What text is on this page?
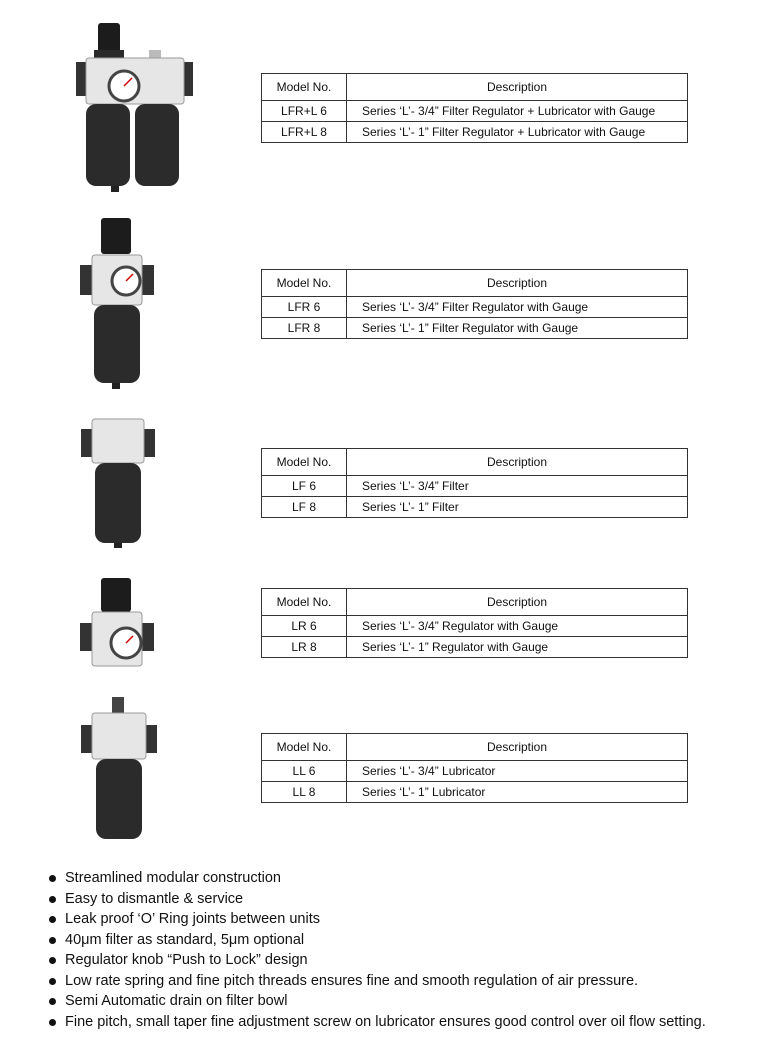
Model No.	Description
LFR+L 6	Series ‘L’- 3/4” Filter Regulator + Lubricator with Gauge
LFR+L 8	Series ‘L’- 1” Filter Regulator + Lubricator with Gauge
Model No.	Description
LFR 6	Series ‘L’- 3/4” Filter Regulator with Gauge
LFR 8	Series ‘L’- 1” Filter Regulator with Gauge
Model No.	Description
LF 6	Series ‘L’- 3/4” Filter
LF 8	Series ‘L’- 1” Filter
Model No.	Description
LR 6	Series ‘L’- 3/4” Regulator with Gauge
LR 8	Series ‘L’- 1” Regulator with Gauge
Model No.	Description
LL 6	Series ‘L’- 3/4” Lubricator
LL 8	Series ‘L’- 1” Lubricator
Streamlined modular construction
Easy to dismantle & service
Leak proof ‘O’ Ring joints between units
40μm filter as standard, 5μm optional
Regulator knob “Push to Lock” design
Low rate spring and fine pitch threads ensures fine and smooth regulation of air pressure.
Semi Automatic drain on filter bowl
Fine pitch, small taper fine adjustment screw on lubricator ensures good control over oil flow setting.
